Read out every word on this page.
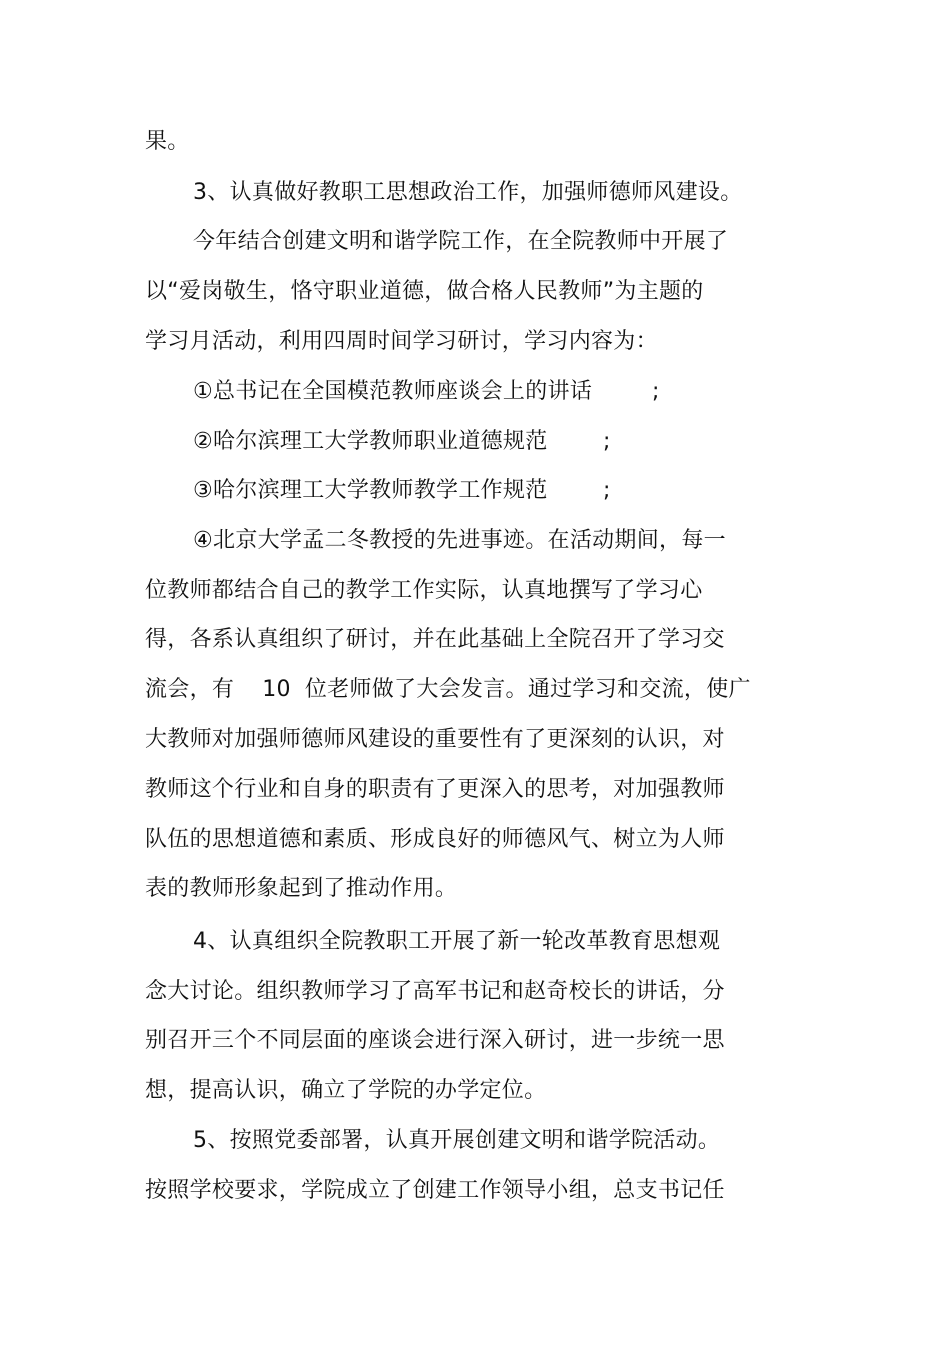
果。
3、认真做好教职工思想政治工作，加强师德师风建设。
今年结合创建文明和谐学院工作，在全院教师中开展了
以“爱岗敬生，恪守职业道德，做合格人民教师”为主题的
学习月活动，利用四周时间学习研讨，学习内容为：
①总书记在全国模范教师座谈会上的讲话	;
②哈尔滨理工大学教师职业道德规范	;
③哈尔滨理工大学教师教学工作规范	;
④北京大学孟二冬教授的先进事迹。在活动期间，每一
位教师都结合自己的教学工作实际，认真地撰写了学习心
得，各系认真组织了研讨，并在此基础上全院召开了学习交
流会，有 10 位老师做了大会发言。通过学习和交流，使广
大教师对加强师德师风建设的重要性有了更深刻的认识，对
教师这个行业和自身的职责有了更深入的思考，对加强教师
队伍的思想道德和素质、形成良好的师德风气、树立为人师
表的教师形象起到了推动作用。
4、认真组织全院教职工开展了新一轮改革教育思想观
念大讨论。组织教师学习了高军书记和赵奇校长的讲话，分
别召开三个不同层面的座谈会进行深入研讨，进一步统一思
想，提高认识，确立了学院的办学定位。
5、按照党委部署，认真开展创建文明和谐学院活动。
按照学校要求，学院成立了创建工作领导小组，总支书记任
